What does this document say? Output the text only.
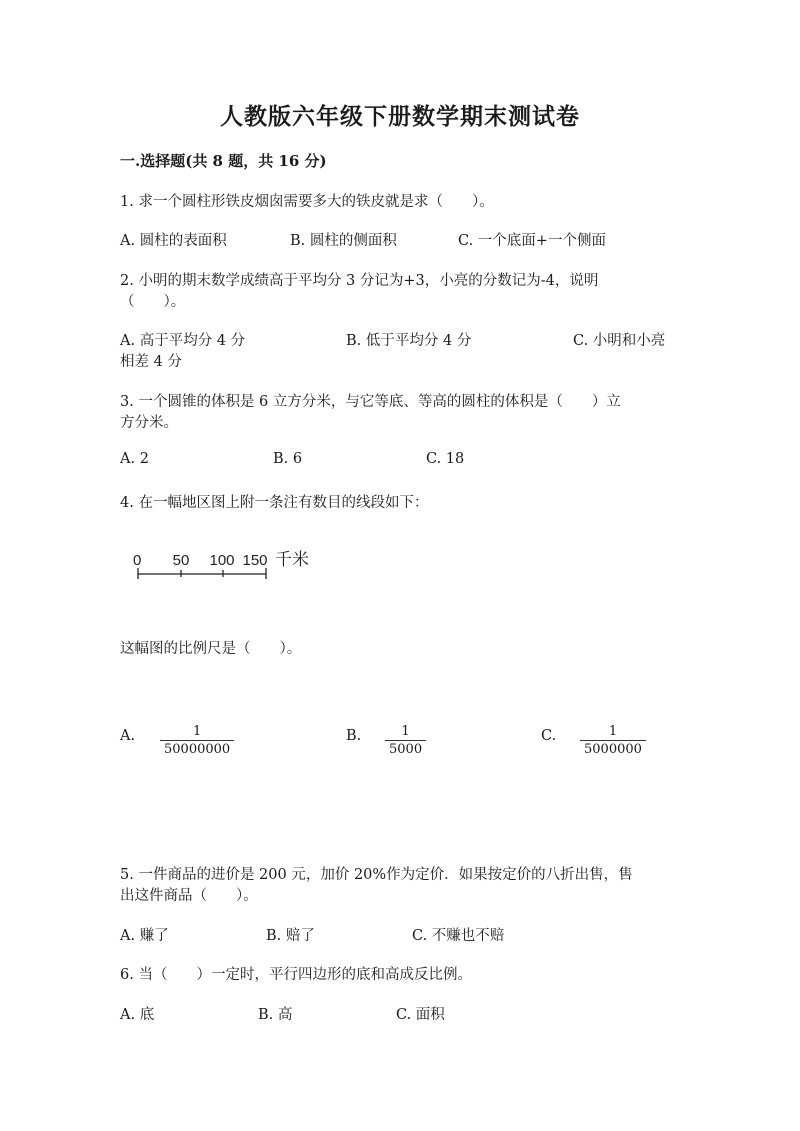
人教版六年级下册数学期末测试卷
一.选择题(共 8 题，共 16 分)
1. 求一个圆柱形铁皮烟囱需要多大的铁皮就是求（　　）。
A. 圆柱的表面积	B. 圆柱的侧面积	C. 一个底面+一个侧面
2. 小明的期末数学成绩高于平均分 3 分记为+3，小亮的分数记为-4，说明
（　　）。
A. 高于平均分 4 分	B. 低于平均分 4 分	C. 小明和小亮
相差 4 分
3. 一个圆锥的体积是 6 立方分米，与它等底、等高的圆柱的体积是（　　）立
方分米。
A. 2	B. 6	C. 18
4. 在一幅地区图上附一条注有数目的线段如下：
0 50 100 150 千米
这幅图的比例尺是（　　）。
A. $\frac{1}{50000000}$	B. $\frac{1}{5000}$	C. $\frac{1}{5000000}$
5. 一件商品的进价是 200 元，加价 20%作为定价．如果按定价的八折出售，售
出这件商品（　　）。
A. 赚了	B. 赔了	C. 不赚也不赔
6. 当（　　）一定时，平行四边形的底和高成反比例。
A. 底	B. 高	C. 面积
